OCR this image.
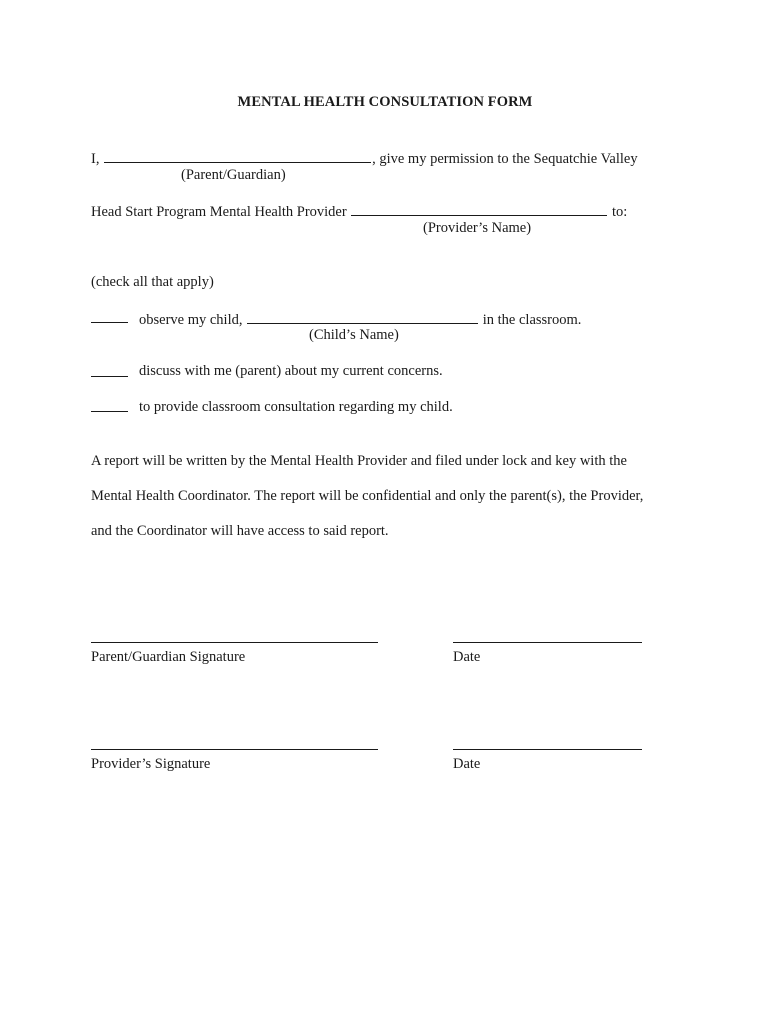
MENTAL HEALTH CONSULTATION FORM
I,	, give my permission to the Sequatchie Valley
(Parent/Guardian)
Head Start Program Mental Health Provider	to:
(Provider’s Name)
(check all that apply)
observe my child,	in the classroom.
(Child’s Name)
discuss with me (parent) about my current concerns.
to provide classroom consultation regarding my child.
A report will be written by the Mental Health Provider and filed under lock and key with the
Mental Health Coordinator. The report will be confidential and only the parent(s), the Provider,
and the Coordinator will have access to said report.
Parent/Guardian Signature	Date
Provider’s Signature	Date
